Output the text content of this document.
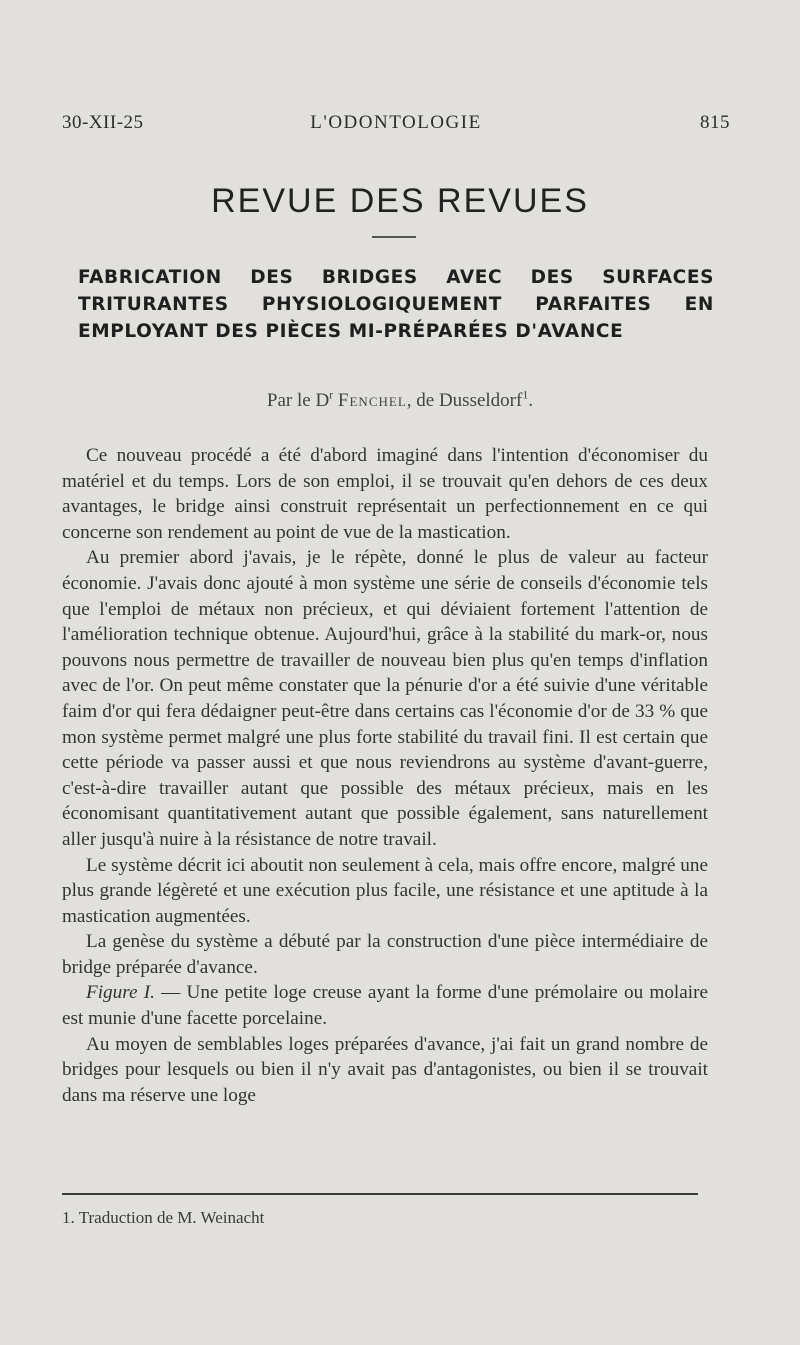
30-XII-25	L'ODONTOLOGIE	815
REVUE DES REVUES
FABRICATION DES BRIDGES AVEC DES SURFACES TRITURANTES PHYSIOLOGIQUEMENT PARFAITES EN EMPLOYANT DES PIÈCES MI-PRÉPARÉES D'AVANCE
Par le $D^r$ Fenchel, de Dusseldorf$^1$.

Ce nouveau procédé a été d'abord imaginé dans l'intention d'économiser du matériel et du temps. Lors de son emploi, il se trouvait qu'en dehors de ces deux avantages, le bridge ainsi construit représentait un perfectionnement en ce qui concerne son rendement au point de vue de la mastication.

Au premier abord j'avais, je le répète, donné le plus de valeur au facteur économie. J'avais donc ajouté à mon système une série de conseils d'économie tels que l'emploi de métaux non précieux, et qui déviaient fortement l'attention de l'amélioration technique obtenue. Aujourd'hui, grâce à la stabilité du mark-or, nous pouvons nous permettre de travailler de nouveau bien plus qu'en temps d'inflation avec de l'or. On peut même constater que la pénurie d'or a été suivie d'une véritable faim d'or qui fera dédaigner peut-être dans certains cas l'économie d'or de 33 % que mon système permet malgré une plus forte stabilité du travail fini. Il est certain que cette période va passer aussi et que nous reviendrons au système d'avant-guerre, c'est-à-dire travailler autant que possible des métaux précieux, mais en les économisant quantitativement autant que possible également, sans naturellement aller jusqu'à nuire à la résistance de notre travail.

Le système décrit ici aboutit non seulement à cela, mais offre encore, malgré une plus grande légèreté et une exécution plus facile, une résistance et une aptitude à la mastication augmentées.

La genèse du système a débuté par la construction d'une pièce intermédiaire de bridge préparée d'avance.

Figure I. — Une petite loge creuse ayant la forme d'une prémolaire ou molaire est munie d'une facette porcelaine.

Au moyen de semblables loges préparées d'avance, j'ai fait un grand nombre de bridges pour lesquels ou bien il n'y avait pas d'antagonistes, ou bien il se trouvait dans ma réserve une loge

1. Traduction de M. Weinacht
